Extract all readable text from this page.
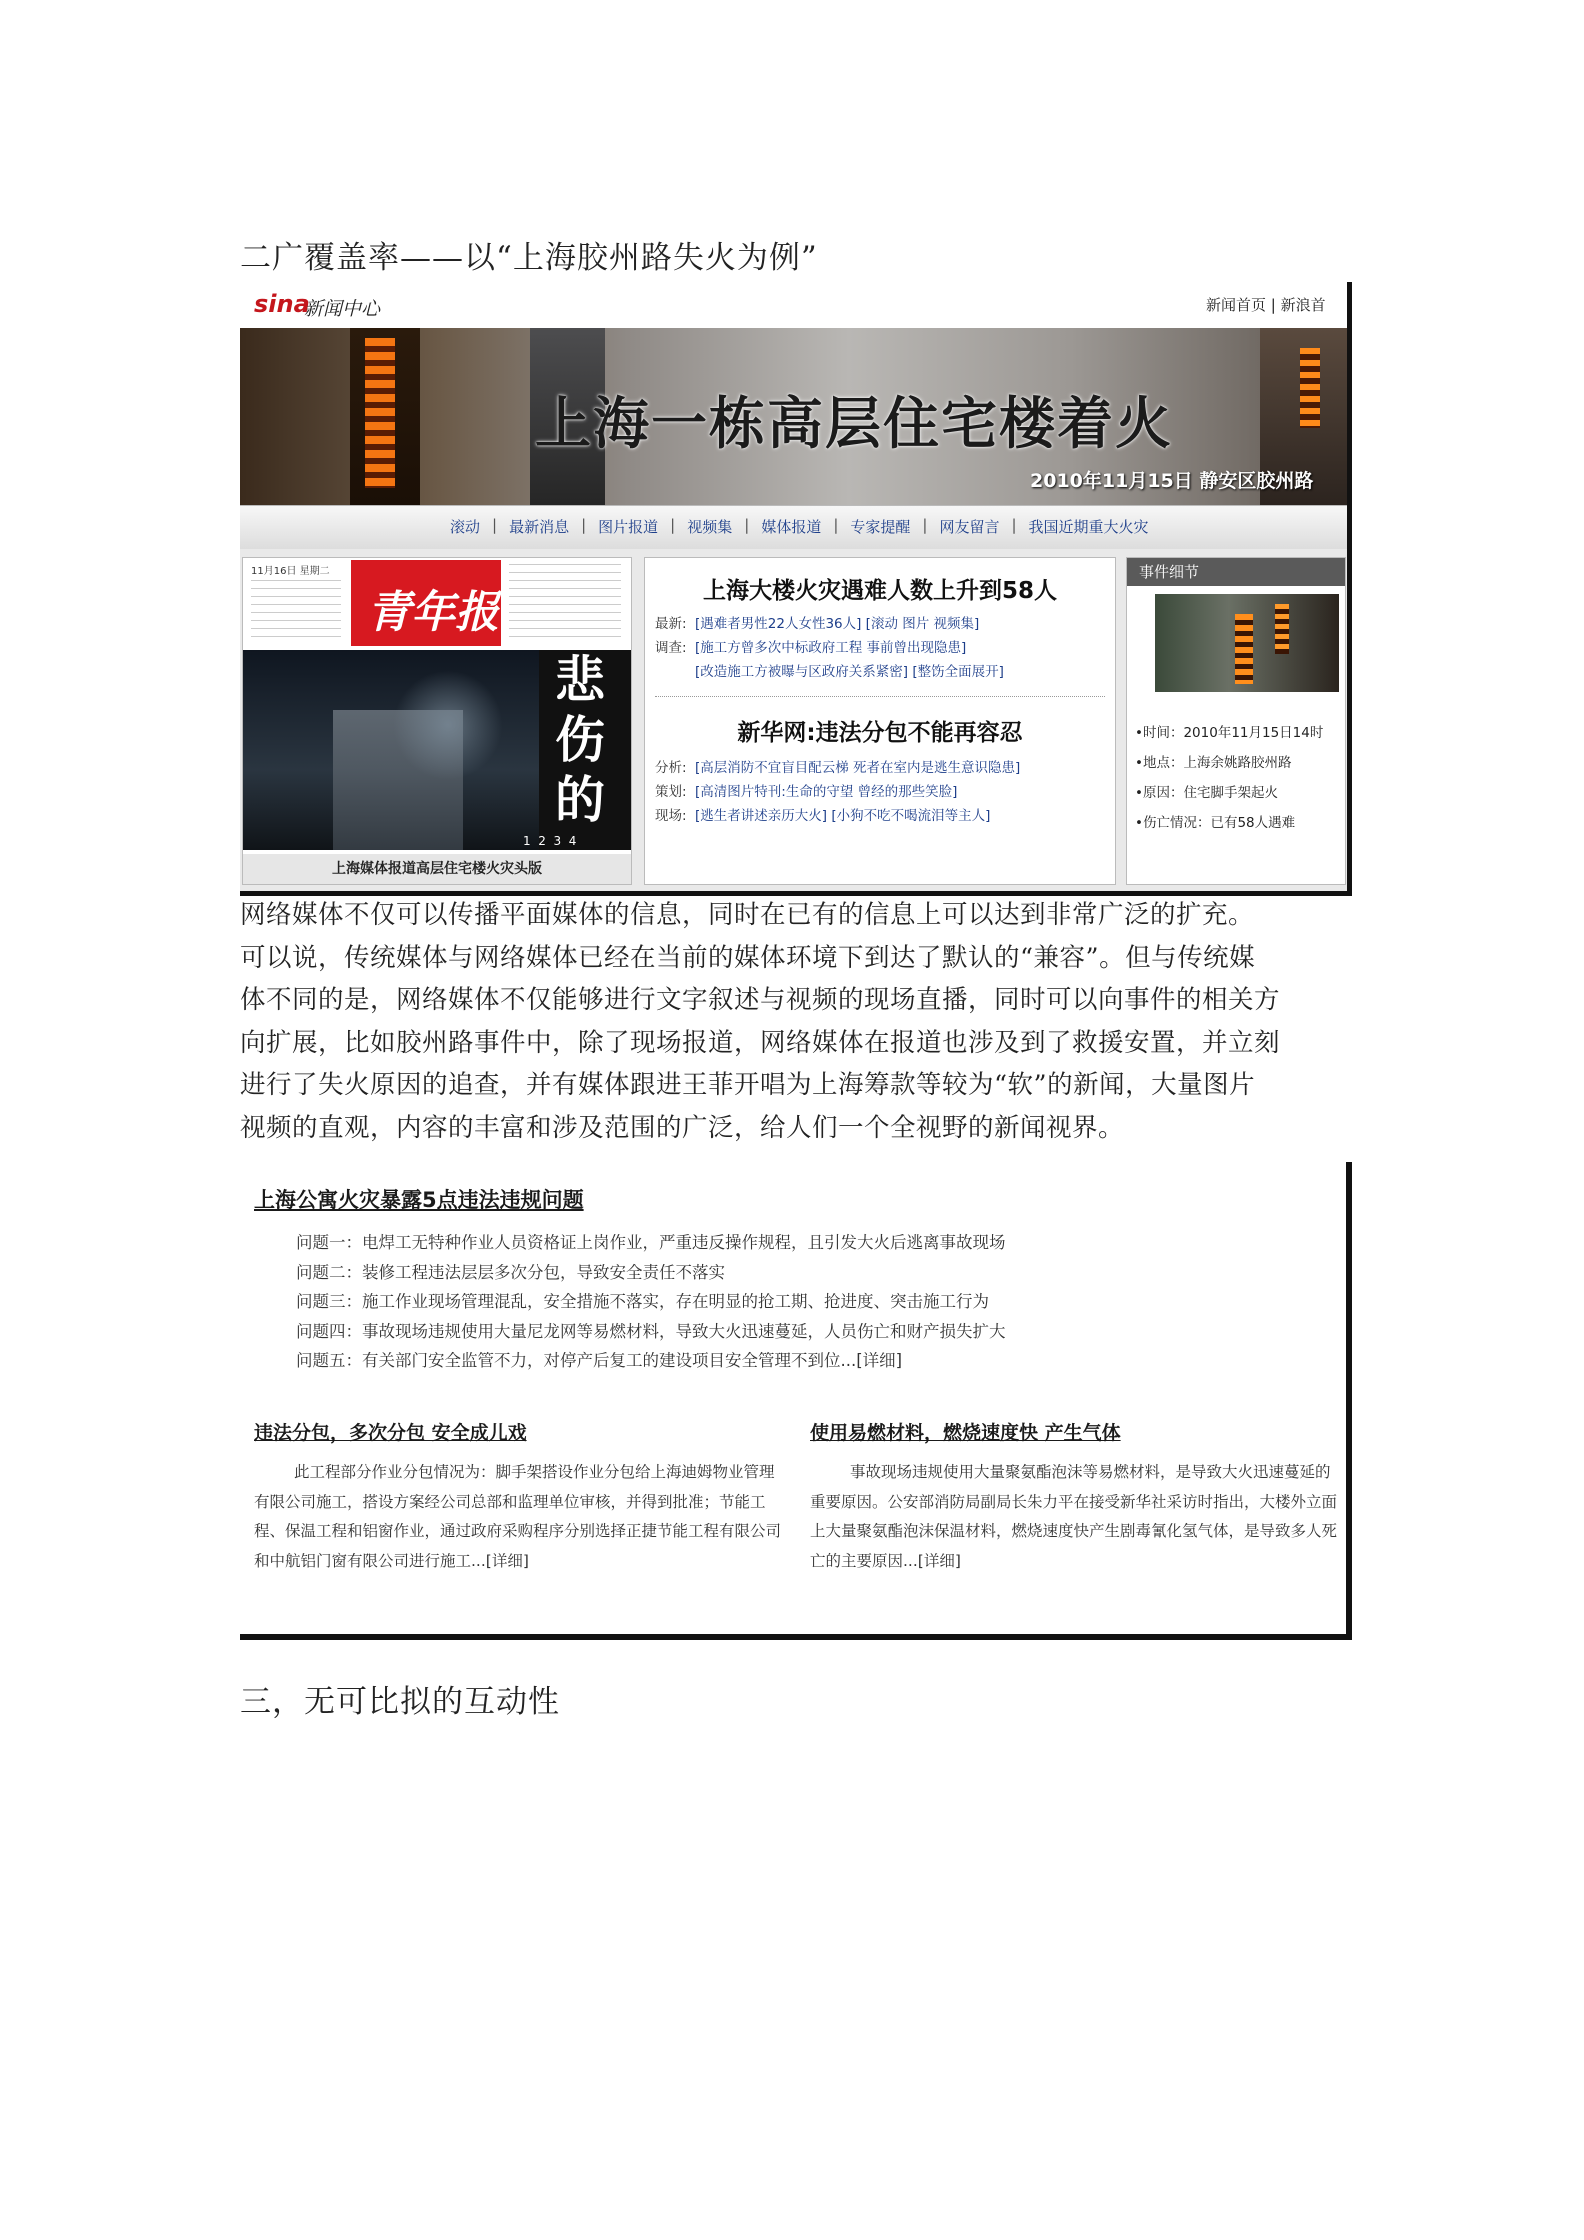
二广覆盖率——以“上海胶州路失火为例”
sina
新闻中心	新闻首页 | 新浪首
上海一栋高层住宅楼着火
2010年11月15日 静安区胶州路
滚动 | 最新消息 | 图片报道 | 视频集 | 媒体报道 | 专家提醒 | 网友留言 | 我国近期重大火灾
11月16日 星期二
青年报
悲
伤
的
1  2  3  4
上海媒体报道高层住宅楼火灾头版
上海大楼火灾遇难人数上升到58人
最新: [遇难者男性22人女性36人] [滚动 图片 视频集]
调查: [施工方曾多次中标政府工程 事前曾出现隐患]
[改造施工方被曝与区政府关系紧密] [整饬全面展开]
新华网:违法分包不能再容忍
分析: [高层消防不宜盲目配云梯 死者在室内是逃生意识隐患]
策划: [高清图片特刊:生命的守望 曾经的那些笑脸]
现场: [逃生者讲述亲历大火] [小狗不吃不喝流泪等主人]
事件细节
•时间：2010年11月15日14时
•地点：上海余姚路胶州路
•原因：住宅脚手架起火
•伤亡情况：已有58人遇难
网络媒体不仅可以传播平面媒体的信息，同时在已有的信息上可以达到非常广泛的扩充。
可以说，传统媒体与网络媒体已经在当前的媒体环境下到达了默认的“兼容”。但与传统媒
体不同的是，网络媒体不仅能够进行文字叙述与视频的现场直播，同时可以向事件的相关方
向扩展，比如胶州路事件中，除了现场报道，网络媒体在报道也涉及到了救援安置，并立刻
进行了失火原因的追查，并有媒体跟进王菲开唱为上海筹款等较为“软”的新闻，大量图片
视频的直观，内容的丰富和涉及范围的广泛，给人们一个全视野的新闻视界。
上海公寓火灾暴露5点违法违规问题
问题一：电焊工无特种作业人员资格证上岗作业，严重违反操作规程，且引发大火后逃离事故现场
问题二：装修工程违法层层多次分包，导致安全责任不落实
问题三：施工作业现场管理混乱，安全措施不落实，存在明显的抢工期、抢进度、突击施工行为
问题四：事故现场违规使用大量尼龙网等易燃材料，导致大火迅速蔓延，人员伤亡和财产损失扩大
问题五：有关部门安全监管不力，对停产后复工的建设项目安全管理不到位...[详细]
违法分包，多次分包 安全成儿戏
此工程部分作业分包情况为：脚手架搭设作业分包给上海迪姆物业管理有限公司施工，搭设方案经公司总部和监理单位审核，并得到批准；节能工程、保温工程和铝窗作业，通过政府采购程序分别选择正捷节能工程有限公司和中航铝门窗有限公司进行施工...[详细]
使用易燃材料，燃烧速度快 产生气体
事故现场违规使用大量聚氨酯泡沫等易燃材料，是导致大火迅速蔓延的重要原因。公安部消防局副局长朱力平在接受新华社采访时指出，大楼外立面上大量聚氨酯泡沫保温材料，燃烧速度快产生剧毒氰化氢气体，是导致多人死亡的主要原因...[详细]
三，无可比拟的互动性
